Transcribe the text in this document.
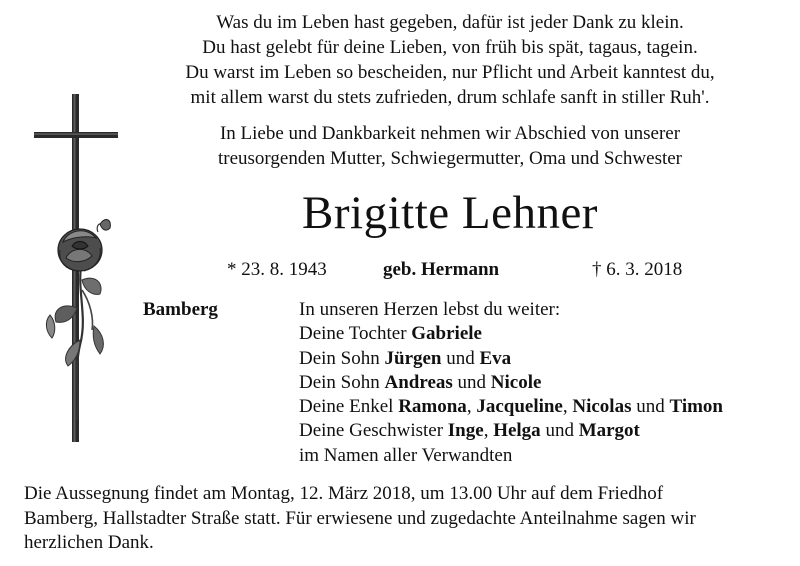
Was du im Leben hast gegeben, dafür ist jeder Dank zu klein.
Du hast gelebt für deine Lieben, von früh bis spät, tagaus, tagein.
Du warst im Leben so bescheiden, nur Pflicht und Arbeit kanntest du,
mit allem warst du stets zufrieden, drum schlafe sanft in stiller Ruh'.
In Liebe und Dankbarkeit nehmen wir Abschied von unserer
treusorgenden Mutter, Schwiegermutter, Oma und Schwester
Brigitte Lehner
* 23. 8. 1943	geb. Hermann	† 6. 3. 2018
Bamberg	In unseren Herzen lebst du weiter:
Deine Tochter Gabriele
Dein Sohn Jürgen und Eva
Dein Sohn Andreas und Nicole
Deine Enkel Ramona, Jacqueline, Nicolas und Timon
Deine Geschwister Inge, Helga und Margot
im Namen aller Verwandten
Die Aussegnung findet am Montag, 12. März 2018, um 13.00 Uhr auf dem Friedhof
Bamberg, Hallstadter Straße statt. Für erwiesene und zugedachte Anteilnahme sagen wir
herzlichen Dank.
